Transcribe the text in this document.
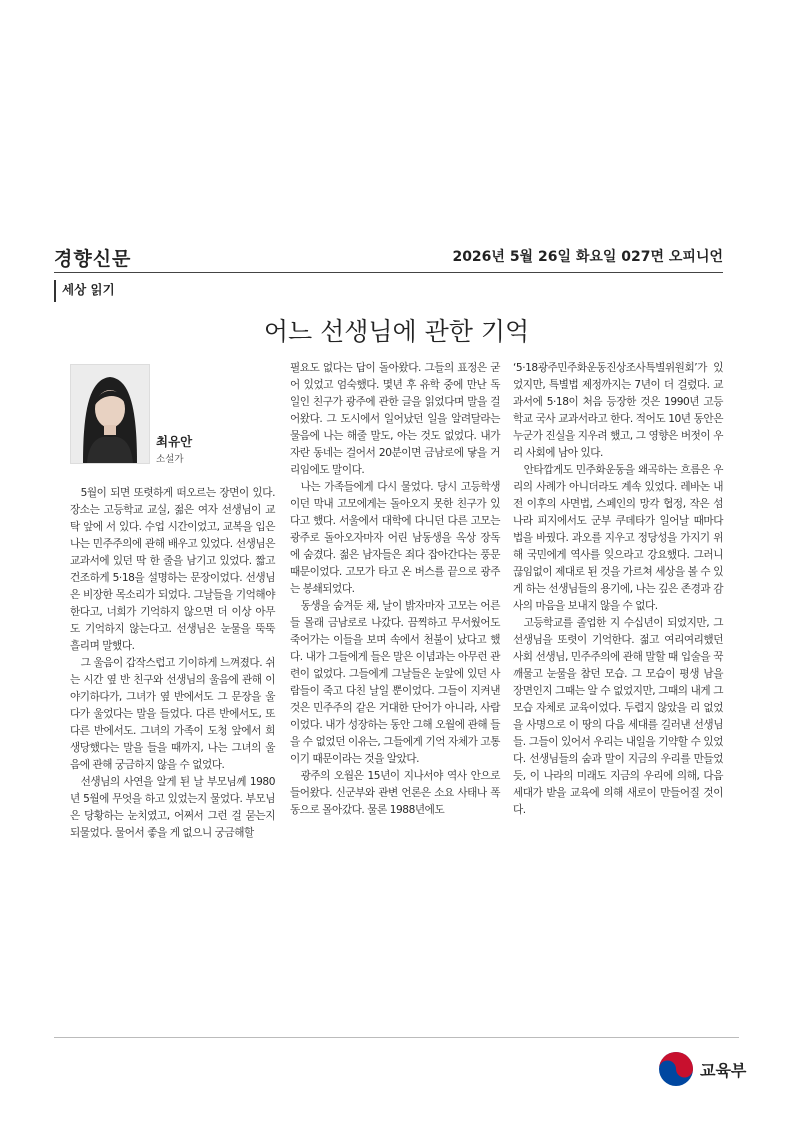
경향신문	2026년 5월 26일 화요일 027면 오피니언
세상 읽기
어느 선생님에 관한 기억
최유안
소설가

5월이 되면 또렷하게 떠오르는 장면이 있다. 장소는 고등학교 교실, 젊은 여자 선생님이 교탁 앞에 서 있다. 수업 시간이었고, 교복을 입은 나는 민주주의에 관해 배우고 있었다. 선생님은 교과서에 있던 딱 한 줄을 남기고 있었다. 짧고 건조하게 5·18을 설명하는 문장이었다. 선생님은 비장한 목소리가 되었다. 그날들을 기억해야 한다고, 너희가 기억하지 않으면 더 이상 아무도 기억하지 않는다고. 선생님은 눈물을 뚝뚝 흘리며 말했다.

그 울음이 갑작스럽고 기이하게 느껴졌다. 쉬는 시간 옆 반 친구와 선생님의 울음에 관해 이야기하다가, 그녀가 옆 반에서도 그 문장을 울다가 울었다는 말을 들었다. 다른 반에서도, 또 다른 반에서도. 그녀의 가족이 도청 앞에서 희생당했다는 말을 들을 때까지, 나는 그녀의 울음에 관해 궁금하지 않을 수 없었다.

선생님의 사연을 알게 된 날 부모님께 1980년 5월에 무엇을 하고 있었는지 물었다. 부모님은 당황하는 눈치였고, 어쩌서 그런 걸 묻는지 되물었다. 물어서 좋을 게 없으니 궁금해할

필요도 없다는 답이 돌아왔다. 그들의 표정은 굳어 있었고 엄숙했다. 몇년 후 유학 중에 만난 독일인 친구가 광주에 관한 글을 읽었다며 말을 걸어왔다. 그 도시에서 일어났던 일을 알려달라는 물음에 나는 해줄 말도, 아는 것도 없었다. 내가 자란 동네는 걸어서 20분이면 금남로에 닿을 거리임에도 말이다.

나는 가족들에게 다시 물었다. 당시 고등학생이던 막내 고모에게는 돌아오지 못한 친구가 있다고 했다. 서울에서 대학에 다니던 다른 고모는 광주로 돌아오자마자 어린 남동생을 옥상 장독에 숨겼다. 젊은 남자들은 죄다 잡아간다는 풍문 때문이었다. 고모가 타고 온 버스를 끝으로 광주는 봉쇄되었다.

동생을 숨겨둔 채, 날이 밝자마자 고모는 어른들 몰래 금남로로 나갔다. 끔찍하고 무서웠어도 죽어가는 이들을 보며 속에서 천불이 났다고 했다. 내가 그들에게 들은 말은 이념과는 아무런 관련이 없었다. 그들에게 그날들은 눈앞에 있던 사람들이 죽고 다친 날일 뿐이었다. 그들이 지켜낸 것은 민주주의 같은 거대한 단어가 아니라, 사람이었다. 내가 성장하는 동안 그해 오월에 관해 들을 수 없었던 이유는, 그들에게 기억 자체가 고통이기 때문이라는 것을 알았다.

광주의 오월은 15년이 지나서야 역사 안으로 들어왔다. 신군부와 관변 언론은 소요 사태나 폭동으로 몰아갔다. 물론 1988년에도

‘5·18광주민주화운동진상조사특별위원회’가 있었지만, 특별법 제정까지는 7년이 더 걸렸다. 교과서에 5·18이 처음 등장한 것은 1990년 고등학교 국사 교과서라고 한다. 적어도 10년 동안은 누군가 진실을 지우려 했고, 그 영향은 버젓이 우리 사회에 남아 있다.

안타깝게도 민주화운동을 왜곡하는 흐름은 우리의 사례가 아니더라도 계속 있었다. 레바논 내전 이후의 사면법, 스페인의 망각 협정, 작은 섬나라 피지에서도 군부 쿠데타가 일어날 때마다 법을 바꿨다. 과오를 지우고 정당성을 가지기 위해 국민에게 역사를 잊으라고 강요했다. 그러니 끊임없이 제대로 된 것을 가르쳐 세상을 볼 수 있게 하는 선생님들의 용기에, 나는 깊은 존경과 감사의 마음을 보내지 않을 수 없다.

고등학교를 졸업한 지 수십년이 되었지만, 그 선생님을 또렷이 기억한다. 젊고 여리여리했던 사회 선생님, 민주주의에 관해 말할 때 입술을 꾹 깨물고 눈물을 참던 모습. 그 모습이 평생 남을 장면인지 그때는 알 수 없었지만, 그때의 내게 그 모습 자체로 교육이었다. 두렵지 않았을 리 없었을 사명으로 이 땅의 다음 세대를 길러낸 선생님들. 그들이 있어서 우리는 내일을 기약할 수 있었다. 선생님들의 숨과 말이 지금의 우리를 만들었듯, 이 나라의 미래도 지금의 우리에 의해, 다음 세대가 받을 교육에 의해 새로이 만들어질 것이다.

교육부
